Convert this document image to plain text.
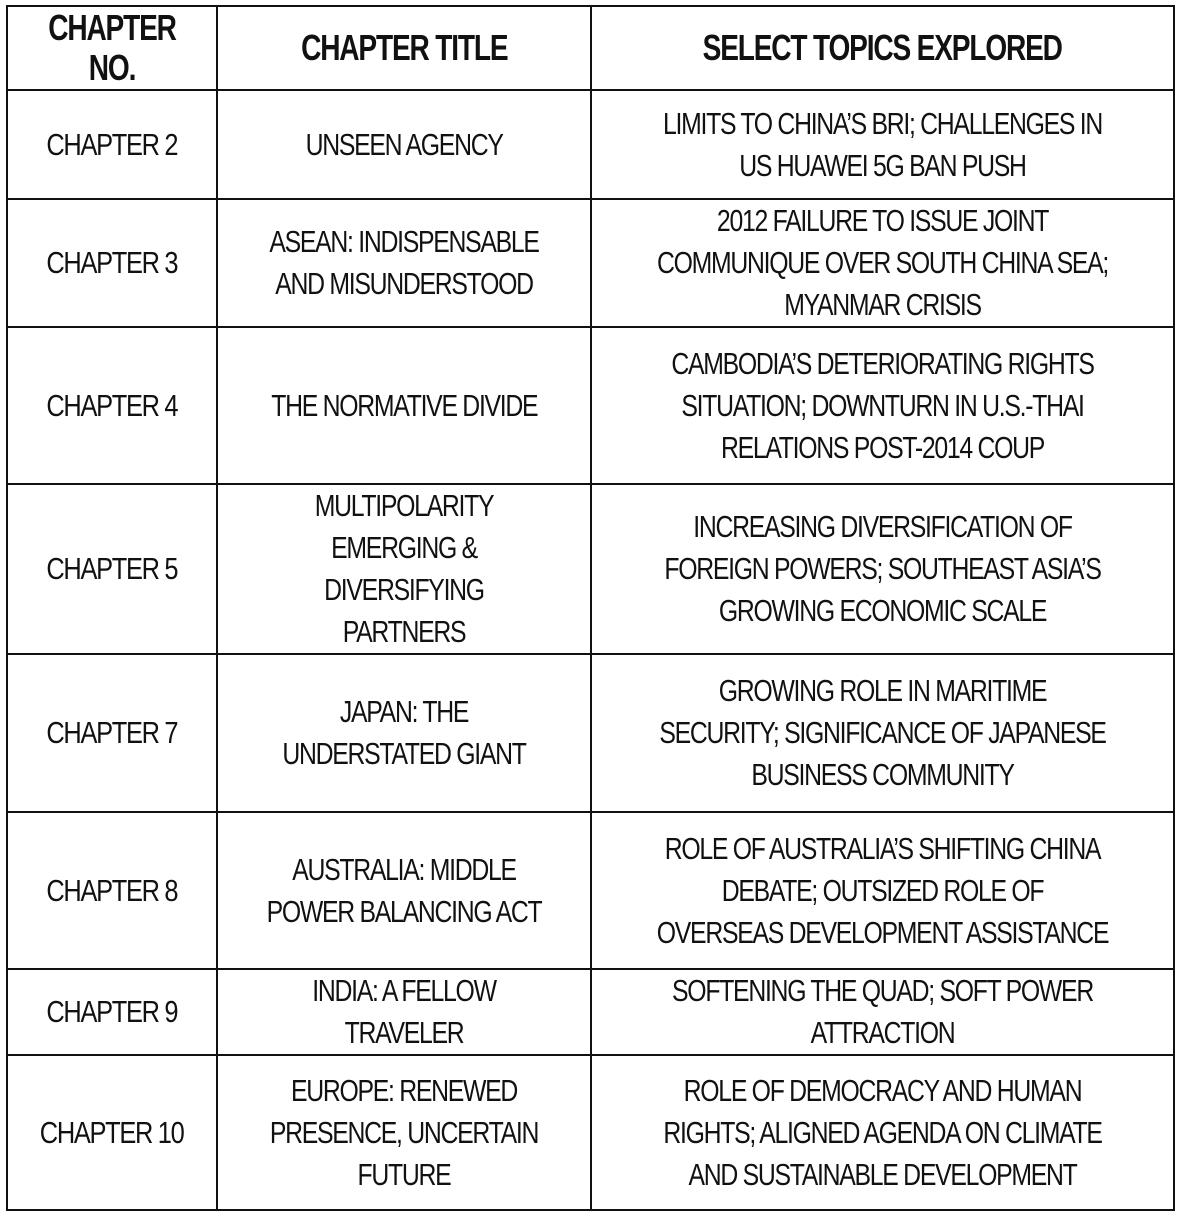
CHAPTER NO.	CHAPTER TITLE	SELECT TOPICS EXPLORED
CHAPTER 2	UNSEEN AGENCY	LIMITS TO CHINA’S BRI; CHALLENGES IN US HUAWEI 5G BAN PUSH
CHAPTER 3	ASEAN: INDISPENSABLE AND MISUNDERSTOOD	2012 FAILURE TO ISSUE JOINT COMMUNIQUE OVER SOUTH CHINA SEA; MYANMAR CRISIS
CHAPTER 4	THE NORMATIVE DIVIDE	CAMBODIA’S DETERIORATING RIGHTS SITUATION; DOWNTURN IN U.S.-THAI RELATIONS POST-2014 COUP
CHAPTER 5	MULTIPOLARITY EMERGING & DIVERSIFYING PARTNERS	INCREASING DIVERSIFICATION OF FOREIGN POWERS; SOUTHEAST ASIA’S GROWING ECONOMIC SCALE
CHAPTER 7	JAPAN: THE UNDERSTATED GIANT	GROWING ROLE IN MARITIME SECURITY; SIGNIFICANCE OF JAPANESE BUSINESS COMMUNITY
CHAPTER 8	AUSTRALIA: MIDDLE POWER BALANCING ACT	ROLE OF AUSTRALIA’S SHIFTING CHINA DEBATE; OUTSIZED ROLE OF OVERSEAS DEVELOPMENT ASSISTANCE
CHAPTER 9	INDIA: A FELLOW TRAVELER	SOFTENING THE QUAD; SOFT POWER ATTRACTION
CHAPTER 10	EUROPE: RENEWED PRESENCE, UNCERTAIN FUTURE	ROLE OF DEMOCRACY AND HUMAN RIGHTS; ALIGNED AGENDA ON CLIMATE AND SUSTAINABLE DEVELOPMENT
